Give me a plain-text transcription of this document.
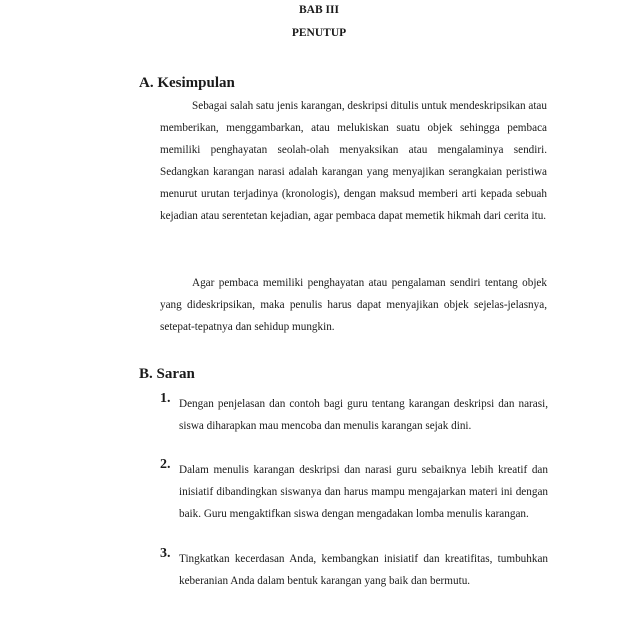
BAB III
PENUTUP
A. Kesimpulan

Sebagai salah satu jenis karangan, deskripsi ditulis untuk mendeskripsikan atau memberikan, menggambarkan, atau melukiskan suatu objek sehingga pembaca memiliki penghayatan seolah-olah menyaksikan atau mengalaminya sendiri. Sedangkan karangan narasi adalah karangan yang menyajikan serangkaian peristiwa menurut urutan terjadinya (kronologis), dengan maksud memberi arti kepada sebuah kejadian atau serentetan kejadian, agar pembaca dapat memetik hikmah dari cerita itu.

Agar pembaca memiliki penghayatan atau pengalaman sendiri tentang objek yang dideskripsikan, maka penulis harus dapat menyajikan objek sejelas-jelasnya, setepat-tepatnya dan sehidup mungkin.

B. Saran
1. Dengan penjelasan dan contoh bagi guru tentang karangan deskripsi dan narasi, siswa diharapkan mau mencoba dan menulis karangan sejak dini.

2. Dalam menulis karangan deskripsi dan narasi guru sebaiknya lebih kreatif dan inisiatif dibandingkan siswanya dan harus mampu mengajarkan materi ini dengan baik. Guru mengaktifkan siswa dengan mengadakan lomba menulis karangan.

3. Tingkatkan kecerdasan Anda, kembangkan inisiatif dan kreatifitas, tumbuhkan keberanian Anda dalam bentuk karangan yang baik dan bermutu.
